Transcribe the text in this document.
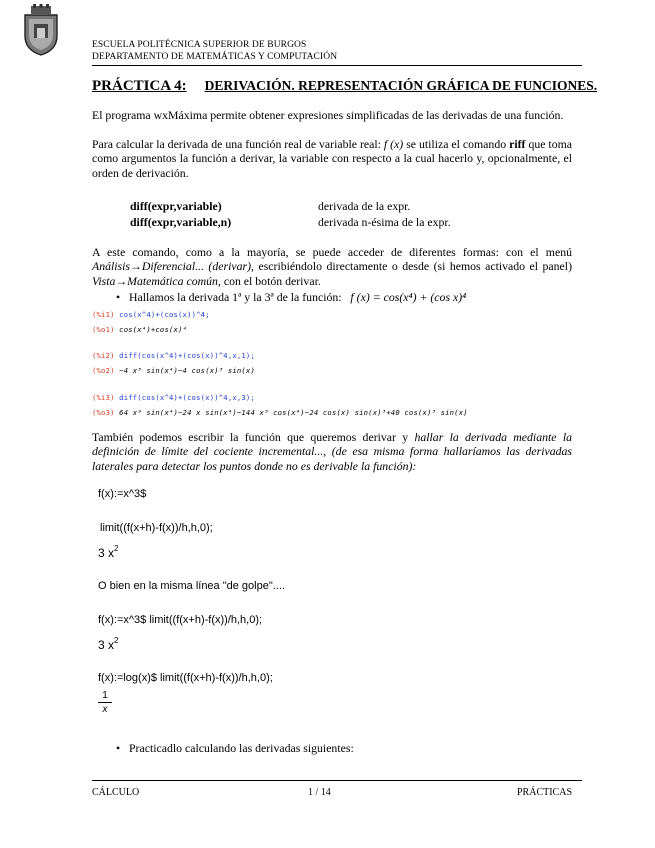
ESCUELA POLITÉCNICA SUPERIOR DE BURGOS
DEPARTAMENTO DE MATEMÁTICAS Y COMPUTACIÓN
PRÁCTICA 4: DERIVACIÓN. REPRESENTACIÓN GRÁFICA DE FUNCIONES.
El programa wxMáxima permite obtener expresiones simplificadas de las derivadas de una función.
Para calcular la derivada de una función real de variable real: f (x) se utiliza el comando riff que toma como argumentos la función a derivar, la variable con respecto a la cual hacerlo y, opcionalmente, el orden de derivación.
diff(expr,variable)	derivada de la expr.
diff(expr,variable,n)	derivada n-ésima de la expr.
A este comando, como a la mayoría, se puede acceder de diferentes formas: con el menú Análisis→Diferencial... (derivar), escribiéndolo directamente o desde (si hemos activado el panel) Vista→Matemática común, con el botón derivar.
• Hallamos la derivada 1ª y la 3ª de la función: f (x) = cos(x⁴) + (cos x)⁴
(%i1) cos(x^4)+(cos(x))^4;
(%o1) cos(x⁴)+cos(x)⁴
(%i2) diff(cos(x^4)+(cos(x))^4,x,1);
(%o2) −4 x³ sin(x⁴)−4 cos(x)³ sin(x)
(%i3) diff(cos(x^4)+(cos(x))^4,x,3);
(%o3) 64 x⁹ sin(x⁴)−24 x sin(x⁴)−144 x⁵ cos(x⁴)−24 cos(x) sin(x)³+40 cos(x)³ sin(x)
También podemos escribir la función que queremos derivar y hallar la derivada mediante la definición de límite del cociente incremental..., (de esa misma forma hallaríamos las derivadas laterales para detectar los puntos donde no es derivable la función):
f(x):=x^3$
limit((f(x+h)-f(x))/h,h,0);
3 $x^2$
O bien en la misma línea "de golpe"....
f(x):=x^3$ limit((f(x+h)-f(x))/h,h,0);
3 $x^2$
f(x):=log(x)$ limit((f(x+h)-f(x))/h,h,0);
1
x
• Practicadlo calculando las derivadas siguientes:
CÁLCULO	1 / 14	PRÁCTICAS
